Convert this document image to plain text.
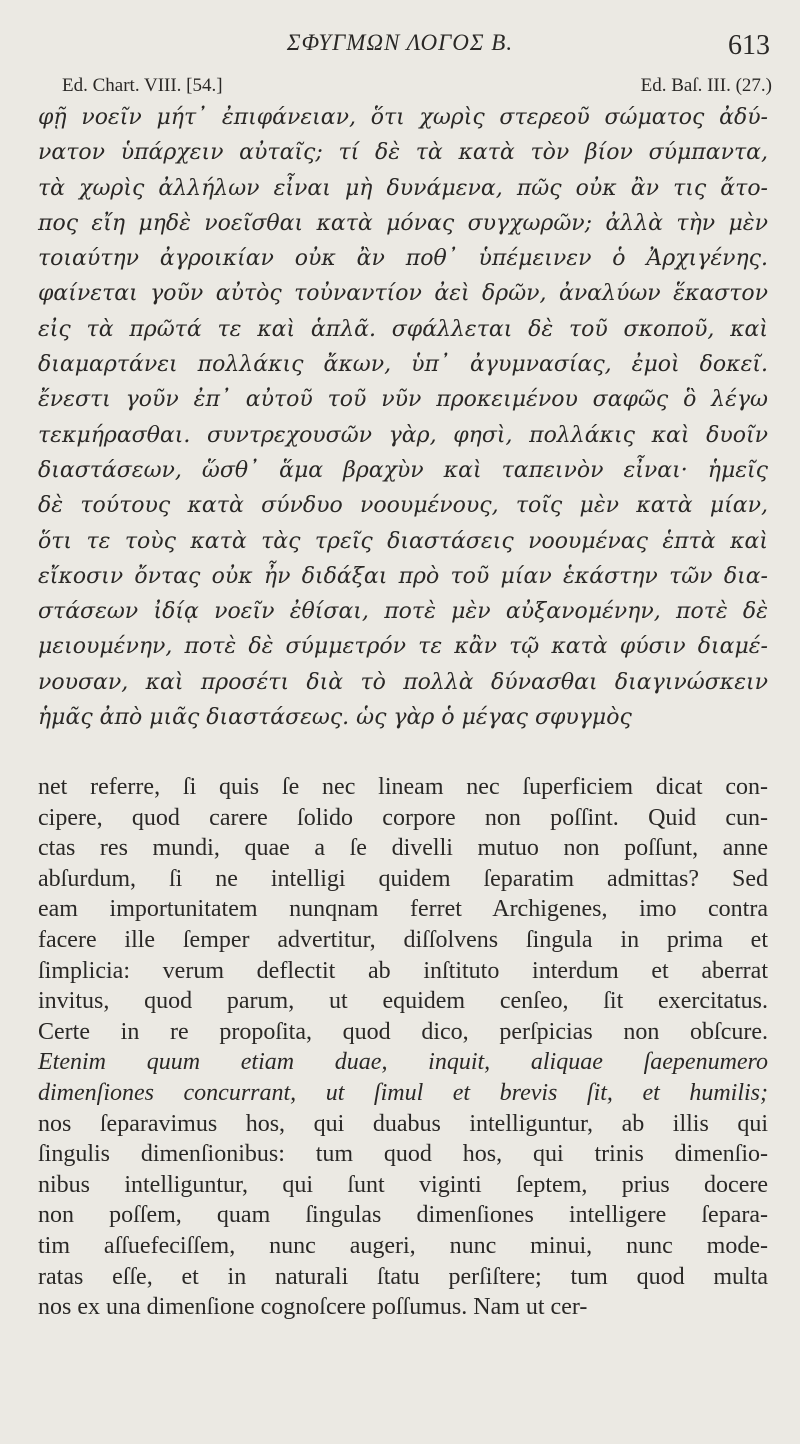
ΣΦΥΓΜΩΝ ΛΟΓΟΣ Β.	613
Ed. Chart. VIII. [54.]	Ed. Baſ. III. (27.)
φῇ νοεῖν μήτ᾽ ἐπιφάνειαν, ὅτι χωρὶς στερεοῦ σώματος ἀδύ-
νατον ὑπάρχειν αὐταῖς; τί δὲ τὰ κατὰ τὸν βίον σύμπαντα,
τὰ χωρὶς ἀλλήλων εἶναι μὴ δυνάμενα, πῶς οὐκ ἂν τις ἄτο-
πος εἴη μηδὲ νοεῖσθαι κατὰ μόνας συγχωρῶν; ἀλλὰ τὴν μὲν
τοιαύτην ἀγροικίαν οὐκ ἂν ποθ᾽ ὑπέμεινεν ὁ Ἀρχιγένης.
φαίνεται γοῦν αὐτὸς τοὐναντίον ἀεὶ δρῶν, ἀναλύων ἕκαστον
εἰς τὰ πρῶτά τε καὶ ἁπλᾶ. σφάλλεται δὲ τοῦ σκοποῦ, καὶ
διαμαρτάνει πολλάκις ἄκων, ὑπ᾽ ἀγυμνασίας, ἐμοὶ δοκεῖ.
ἔνεστι γοῦν ἐπ᾽ αὐτοῦ τοῦ νῦν προκειμένου σαφῶς ὃ λέγω
τεκμήρασθαι. συντρεχουσῶν γὰρ, φησὶ, πολλάκις καὶ δυοῖν
διαστάσεων, ὥσθ᾽ ἅμα βραχὺν καὶ ταπεινὸν εἶναι· ἡμεῖς
δὲ τούτους κατὰ σύνδυο νοουμένους, τοῖς μὲν κατὰ μίαν,
ὅτι τε τοὺς κατὰ τὰς τρεῖς διαστάσεις νοουμένας ἑπτὰ καὶ
εἴκοσιν ὄντας οὐκ ἦν διδάξαι πρὸ τοῦ μίαν ἑκάστην τῶν δια-
στάσεων ἰδίᾳ νοεῖν ἐθίσαι, ποτὲ μὲν αὐξανομένην, ποτὲ δὲ
μειουμένην, ποτὲ δὲ σύμμετρόν τε κἂν τῷ κατὰ φύσιν διαμέ-
νουσαν, καὶ προσέτι διὰ τὸ πολλὰ δύνασθαι διαγινώσκειν
ἡμᾶς ἀπὸ μιᾶς διαστάσεως. ὡς γὰρ ὁ μέγας σφυγμὸς
net referre, ſi quis ſe nec lineam nec ſuperficiem dicat con-
cipere, quod carere ſolido corpore non poſſint. Quid cun-
ctas res mundi, quae a ſe divelli mutuo non poſſunt, anne
abſurdum, ſi ne intelligi quidem ſeparatim admittas? Sed
eam importunitatem nunqnam ferret Archigenes, imo contra
facere ille ſemper advertitur, diſſolvens ſingula in prima et
ſimplicia: verum deflectit ab inſtituto interdum et aberrat
invitus, quod parum, ut equidem cenſeo, ſit exercitatus.
Certe in re propoſita, quod dico, perſpicias non obſcure.
Etenim quum etiam duae, inquit, aliquae ſaepenumero
dimenſiones concurrant, ut ſimul et brevis ſit, et humilis;
nos ſeparavimus hos, qui duabus intelliguntur, ab illis qui
ſingulis dimenſionibus: tum quod hos, qui trinis dimenſio-
nibus intelliguntur, qui ſunt viginti ſeptem, prius docere
non poſſem, quam ſingulas dimenſiones intelligere ſepara-
tim aſſuefeciſſem, nunc augeri, nunc minui, nunc mode-
ratas eſſe, et in naturali ſtatu perſiſtere; tum quod multa
nos ex una dimenſione cognoſcere poſſumus. Nam ut cer-
